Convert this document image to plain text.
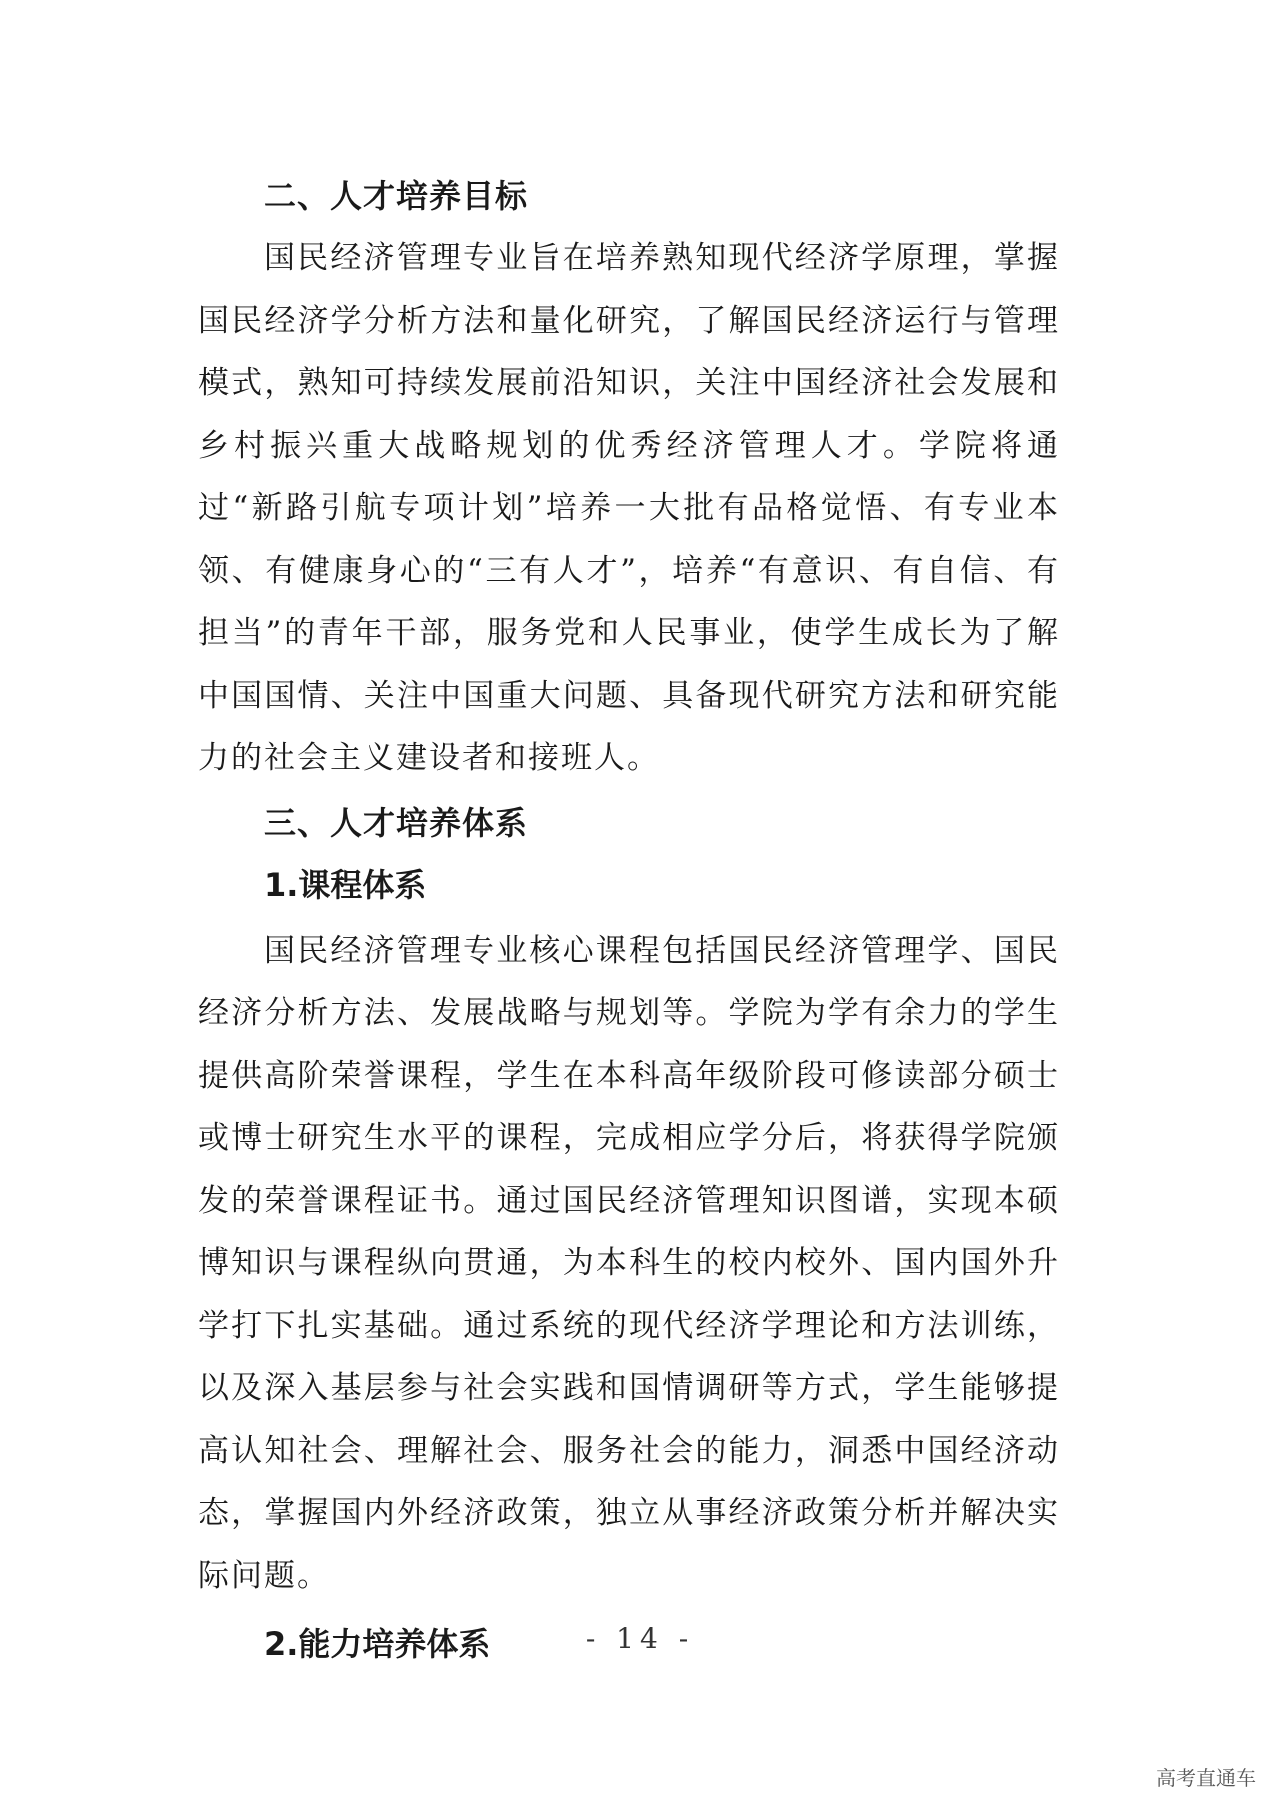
二、人才培养目标

国民经济管理专业旨在培养熟知现代经济学原理，掌握国民经济学分析方法和量化研究，了解国民经济运行与管理模式，熟知可持续发展前沿知识，关注中国经济社会发展和乡村振兴重大战略规划的优秀经济管理人才。学院将通过“新路引航专项计划”培养一大批有品格觉悟、有专业本领、有健康身心的“三有人才”，培养“有意识、有自信、有担当”的青年干部，服务党和人民事业，使学生成长为了解中国国情、关注中国重大问题、具备现代研究方法和研究能力的社会主义建设者和接班人。

三、人才培养体系
1.课程体系

国民经济管理专业核心课程包括国民经济管理学、国民经济分析方法、发展战略与规划等。学院为学有余力的学生提供高阶荣誉课程，学生在本科高年级阶段可修读部分硕士或博士研究生水平的课程，完成相应学分后，将获得学院颁发的荣誉课程证书。通过国民经济管理知识图谱，实现本硕博知识与课程纵向贯通，为本科生的校内校外、国内国外升学打下扎实基础。通过系统的现代经济学理论和方法训练，以及深入基层参与社会实践和国情调研等方式，学生能够提高认知社会、理解社会、服务社会的能力，洞悉中国经济动态，掌握国内外经济政策，独立从事经济政策分析并解决实际问题。

2.能力培养体系	- 14 -
高考直通车
